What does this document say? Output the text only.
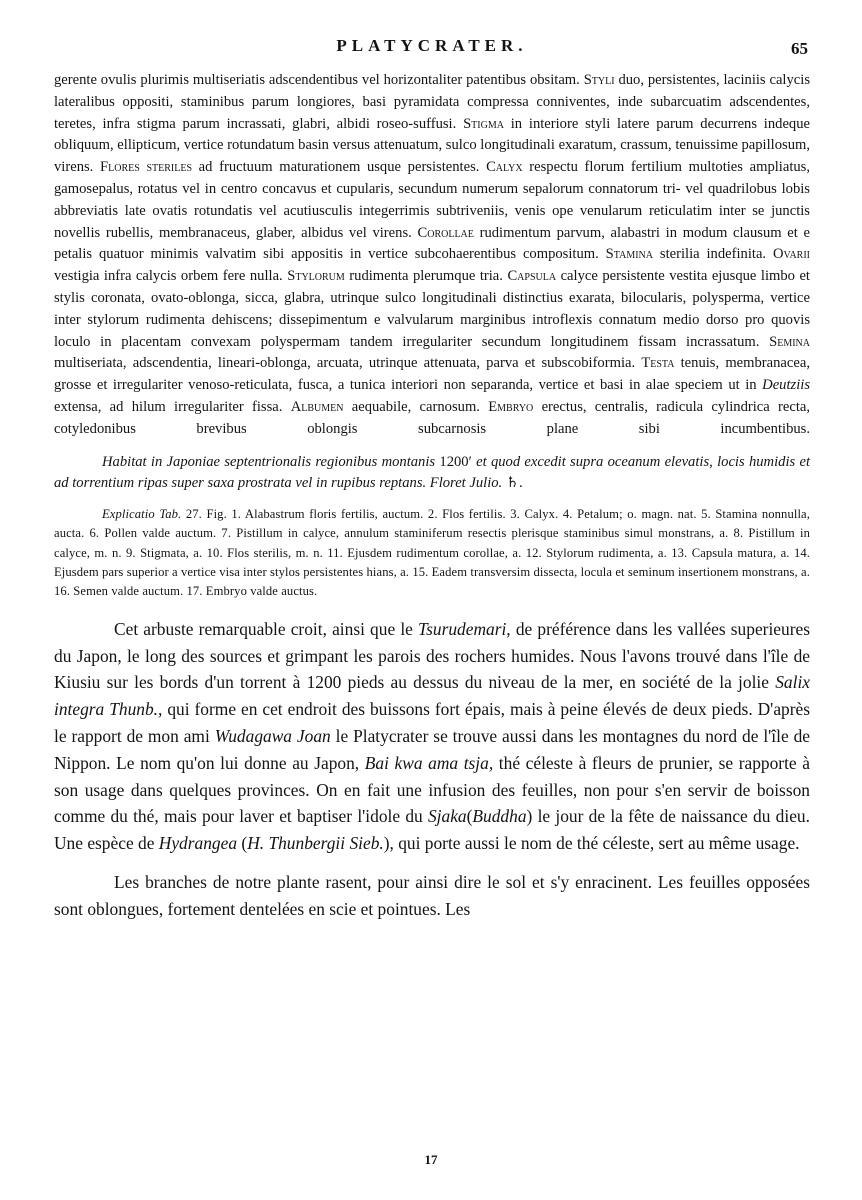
PLATYCRATER.	65

gerente ovulis plurimis multiseriatis adscendentibus vel horizontaliter patentibus obsitam. Styli duo, persistentes, laciniis calycis lateralibus oppositi, staminibus parum longiores, basi pyramidata compressa conniventes, inde subarcuatim adscendentes, teretes, infra stigma parum incrassati, glabri, albidi roseo-suffusi. Stigma in interiore styli latere parum decurrens indeque obliquum, ellipticum, vertice rotundatum basin versus attenuatum, sulco longitudinali exaratum, crassum, tenuissime papillosum, virens. Flores steriles ad fructuum maturationem usque persistentes. Calyx respectu florum fertilium multoties ampliatus, gamosepalus, rotatus vel in centro concavus et cupularis, secundum numerum sepalorum connatorum tri- vel quadrilobus lobis abbreviatis late ovatis rotundatis vel acutiusculis integerrimis subtriveniis, venis ope venularum reticulatim inter se junctis novellis rubellis, membranaceus, glaber, albidus vel virens. Corollae rudimentum parvum, alabastri in modum clausum et e petalis quatuor minimis valvatim sibi appositis in vertice subcohaerentibus compositum. Stamina sterilia indefinita. Ovarii vestigia infra calycis orbem fere nulla. Stylorum rudimenta plerumque tria. Capsula calyce persistente vestita ejusque limbo et stylis coronata, ovato-oblonga, sicca, glabra, utrinque sulco longitudinali distinctius exarata, bilocularis, polysperma, vertice inter stylorum rudimenta dehiscens; dissepimentum e valvularum marginibus introflexis connatum medio dorso pro quovis loculo in placentam convexam polyspermam tandem irregulariter secundum longitudinem fissam incrassatum. Semina multiseriata, adscendentia, lineari-oblonga, arcuata, utrinque attenuata, parva et subscobiformia. Testa tenuis, membranacea, grosse et irregulariter venoso-reticulata, fusca, a tunica interiori non separanda, vertice et basi in alae speciem ut in Deutziis extensa, ad hilum irregulariter fissa. Albumen aequabile, carnosum. Embryo erectus, centralis, radicula cylindrica recta, cotyledonibus brevibus oblongis subcarnosis plane sibi incumbentibus.

Habitat in Japoniae septentrionalis regionibus montanis 1200′ et quod excedit supra oceanum elevatis, locis humidis et ad torrentium ripas super saxa prostrata vel in rupibus reptans. Floret Julio. ♄.

Explicatio Tab. 27. Fig. 1. Alabastrum floris fertilis, auctum. 2. Flos fertilis. 3. Calyx. 4. Petalum; o. magn. nat. 5. Stamina nonnulla, aucta. 6. Pollen valde auctum. 7. Pistillum in calyce, annulum staminiferum resectis plerisque staminibus simul monstrans, a. 8. Pistillum in calyce, m. n. 9. Stigmata, a. 10. Flos sterilis, m. n. 11. Ejusdem rudimentum corollae, a. 12. Stylorum rudimenta, a. 13. Capsula matura, a. 14. Ejusdem pars superior a vertice visa inter stylos persistentes hians, a. 15. Eadem transversim dissecta, locula et seminum insertionem monstrans, a. 16. Semen valde auctum. 17. Embryo valde auctus.

Cet arbuste remarquable croit, ainsi que le Tsurudemari, de préférence dans les vallées superieures du Japon, le long des sources et grimpant les parois des rochers humides. Nous l'avons trouvé dans l'île de Kiusiu sur les bords d'un torrent à 1200 pieds au dessus du niveau de la mer, en société de la jolie Salix integra Thunb., qui forme en cet endroit des buissons fort épais, mais à peine élevés de deux pieds. D'après le rapport de mon ami Wudagawa Joan le Platycrater se trouve aussi dans les montagnes du nord de l'île de Nippon. Le nom qu'on lui donne au Japon, Bai kwa ama tsja, thé céleste à fleurs de prunier, se rapporte à son usage dans quelques provinces. On en fait une infusion des feuilles, non pour s'en servir de boisson comme du thé, mais pour laver et baptiser l'idole du Sjaka(Buddha) le jour de la fête de naissance du dieu. Une espèce de Hydrangea (H. Thunbergii Sieb.), qui porte aussi le nom de thé céleste, sert au même usage.

Les branches de notre plante rasent, pour ainsi dire le sol et s'y enracinent. Les feuilles opposées sont oblongues, fortement dentelées en scie et pointues. Les

17
